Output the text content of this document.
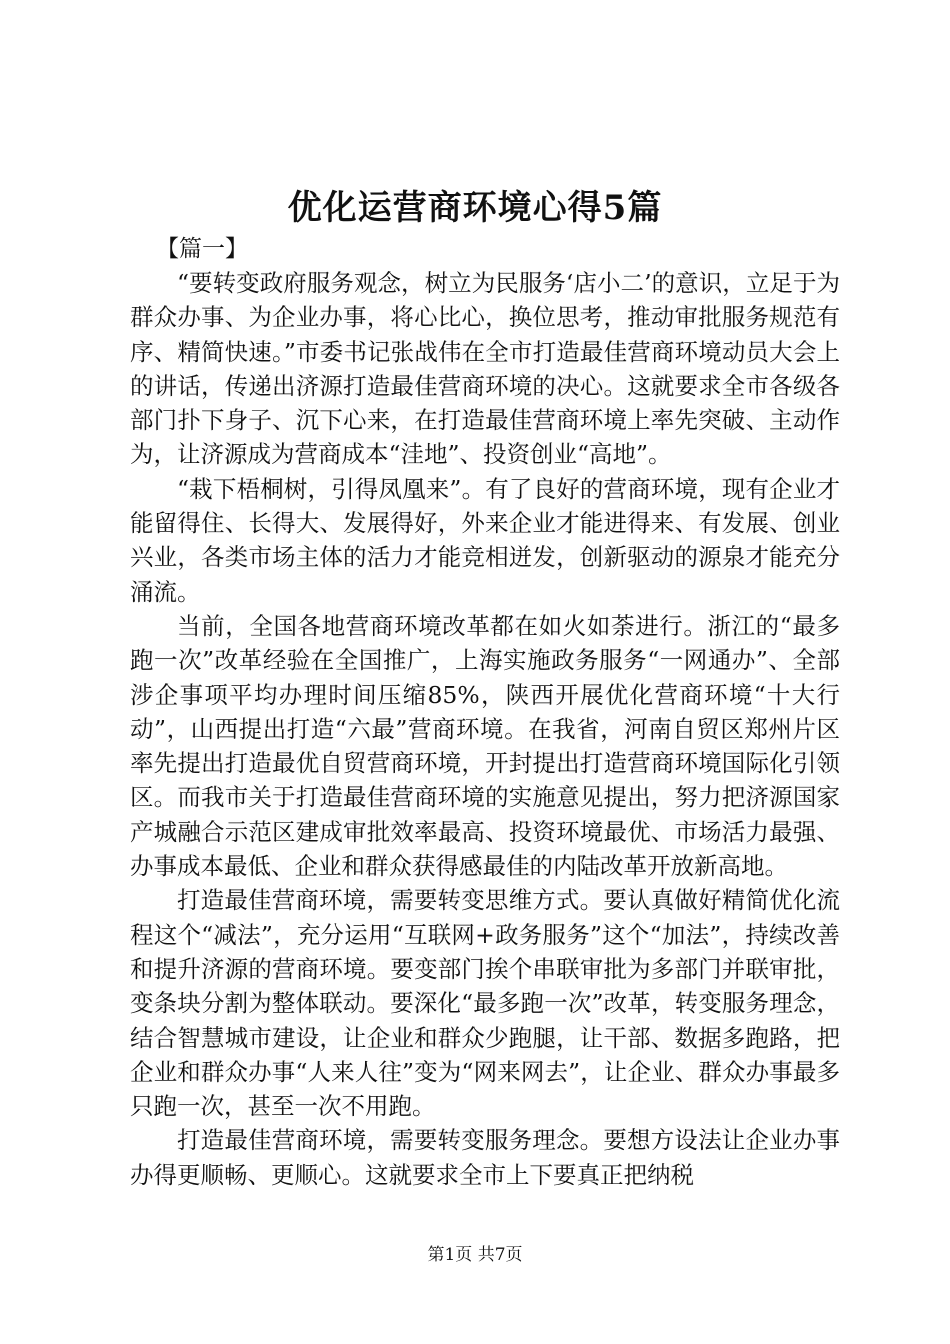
优化运营商环境心得5篇

【篇一】

“要转变政府服务观念，树立为民服务‘店小二’的意识，立足于为群众办事、为企业办事，将心比心，换位思考，推动审批服务规范有序、精简快速。”市委书记张战伟在全市打造最佳营商环境动员大会上的讲话，传递出济源打造最佳营商环境的决心。这就要求全市各级各部门扑下身子、沉下心来，在打造最佳营商环境上率先突破、主动作为，让济源成为营商成本“洼地”、投资创业“高地”。

“栽下梧桐树，引得凤凰来”。有了良好的营商环境，现有企业才能留得住、长得大、发展得好，外来企业才能进得来、有发展、创业兴业，各类市场主体的活力才能竞相迸发，创新驱动的源泉才能充分涌流。

当前，全国各地营商环境改革都在如火如荼进行。浙江的“最多跑一次”改革经验在全国推广，上海实施政务服务“一网通办”、全部涉企事项平均办理时间压缩85%，陕西开展优化营商环境“十大行动”，山西提出打造“六最”营商环境。在我省，河南自贸区郑州片区率先提出打造最优自贸营商环境，开封提出打造营商环境国际化引领区。而我市关于打造最佳营商环境的实施意见提出，努力把济源国家产城融合示范区建成审批效率最高、投资环境最优、市场活力最强、办事成本最低、企业和群众获得感最佳的内陆改革开放新高地。

打造最佳营商环境，需要转变思维方式。要认真做好精简优化流程这个“减法”，充分运用“互联网+政务服务”这个“加法”，持续改善和提升济源的营商环境。要变部门挨个串联审批为多部门并联审批，变条块分割为整体联动。要深化“最多跑一次”改革，转变服务理念，结合智慧城市建设，让企业和群众少跑腿，让干部、数据多跑路，把企业和群众办事“人来人往”变为“网来网去”，让企业、群众办事最多只跑一次，甚至一次不用跑。

打造最佳营商环境，需要转变服务理念。要想方设法让企业办事办得更顺畅、更顺心。这就要求全市上下要真正把纳税

第1页 共7页
